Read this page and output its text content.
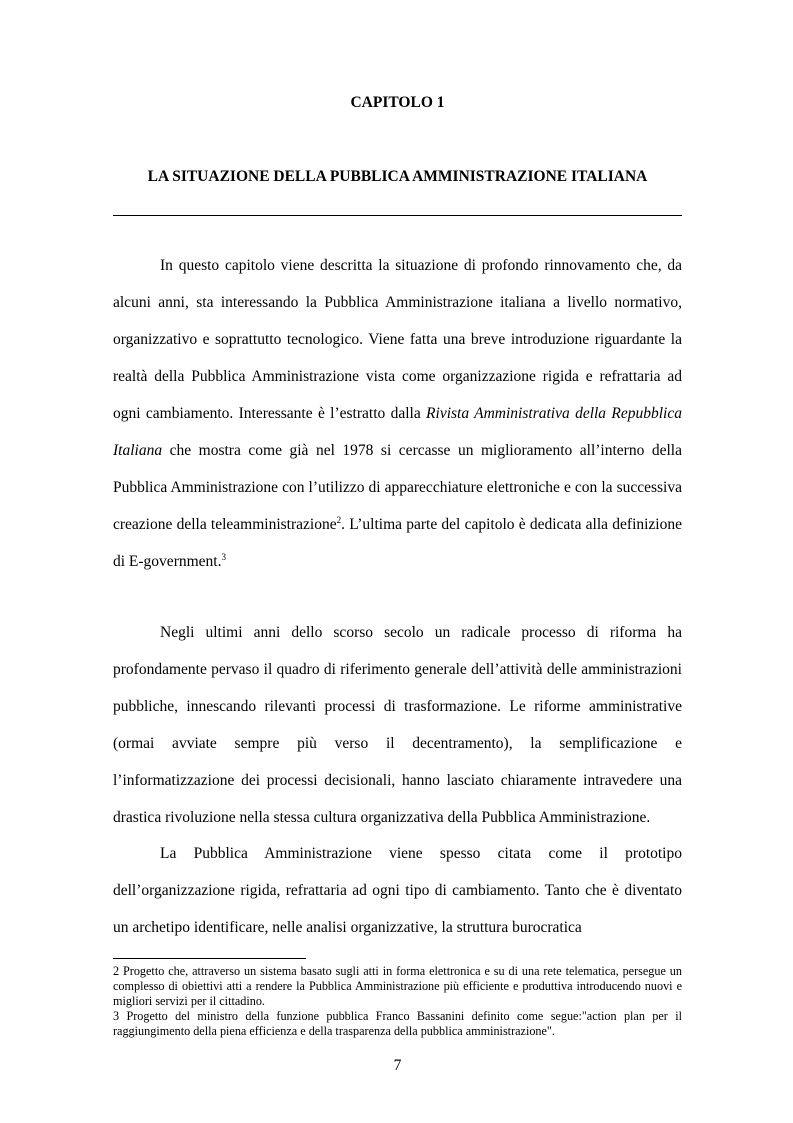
CAPITOLO 1
LA SITUAZIONE DELLA PUBBLICA AMMINISTRAZIONE ITALIANA

In questo capitolo viene descritta la situazione di profondo rinnovamento che, da alcuni anni, sta interessando la Pubblica Amministrazione italiana a livello normativo, organizzativo e soprattutto tecnologico. Viene fatta una breve introduzione riguardante la realtà della Pubblica Amministrazione vista come organizzazione rigida e refrattaria ad ogni cambiamento. Interessante è l’estratto dalla Rivista Amministrativa della Repubblica Italiana che mostra come già nel 1978 si cercasse un miglioramento all’interno della Pubblica Amministrazione con l’utilizzo di apparecchiature elettroniche e con la successiva creazione della teleamministrazione$^2$. L’ultima parte del capitolo è dedicata alla definizione di E-government.$^3$

Negli ultimi anni dello scorso secolo un radicale processo di riforma ha profondamente pervaso il quadro di riferimento generale dell’attività delle amministrazioni pubbliche, innescando rilevanti processi di trasformazione. Le riforme amministrative (ormai avviate sempre più verso il decentramento), la semplificazione e l’informatizzazione dei processi decisionali, hanno lasciato chiaramente intravedere una drastica rivoluzione nella stessa cultura organizzativa della Pubblica Amministrazione.

La Pubblica Amministrazione viene spesso citata come il prototipo dell’organizzazione rigida, refrattaria ad ogni tipo di cambiamento. Tanto che è diventato un archetipo identificare, nelle analisi organizzative, la struttura burocratica

2 Progetto che, attraverso un sistema basato sugli atti in forma elettronica e su di una rete telematica, persegue un complesso di obiettivi atti a rendere la Pubblica Amministrazione più efficiente e produttiva introducendo nuovi e migliori servizi per il cittadino.

3 Progetto del ministro della funzione pubblica Franco Bassanini definito come segue:"action plan per il raggiungimento della piena efficienza e della trasparenza della pubblica amministrazione".

7
